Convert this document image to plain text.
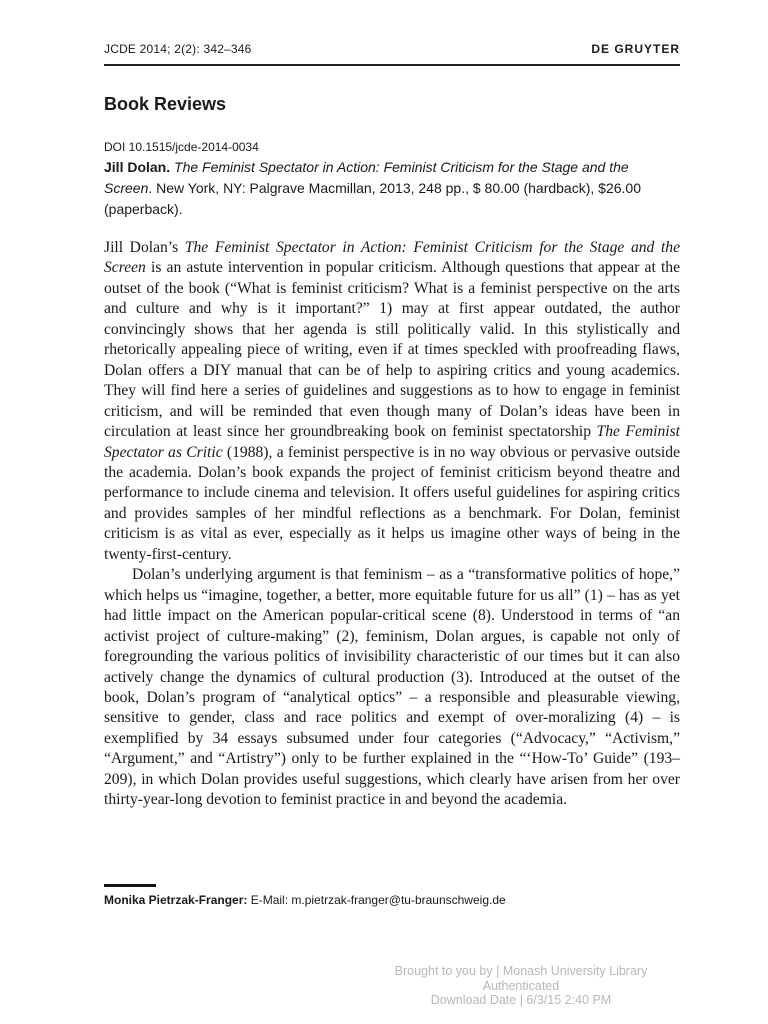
JCDE 2014; 2(2): 342–346	DE GRUYTER
Book Reviews
DOI 10.1515/jcde-2014-0034
Jill Dolan. The Feminist Spectator in Action: Feminist Criticism for the Stage and the Screen. New York, NY: Palgrave Macmillan, 2013, 248 pp., $ 80.00 (hardback), $26.00 (paperback).

Jill Dolan’s The Feminist Spectator in Action: Feminist Criticism for the Stage and the Screen is an astute intervention in popular criticism. Although questions that appear at the outset of the book (“What is feminist criticism? What is a feminist perspective on the arts and culture and why is it important?” 1) may at first appear outdated, the author convincingly shows that her agenda is still politically valid. In this stylistically and rhetorically appealing piece of writing, even if at times speckled with proofreading flaws, Dolan offers a DIY manual that can be of help to aspiring critics and young academics. They will find here a series of guidelines and suggestions as to how to engage in feminist criticism, and will be reminded that even though many of Dolan’s ideas have been in circulation at least since her groundbreaking book on feminist spectatorship The Feminist Spectator as Critic (1988), a feminist perspective is in no way obvious or pervasive outside the academia. Dolan’s book expands the project of feminist criticism beyond theatre and performance to include cinema and television. It offers useful guidelines for aspiring critics and provides samples of her mindful reflections as a benchmark. For Dolan, feminist criticism is as vital as ever, especially as it helps us imagine other ways of being in the twenty-first-century.

Dolan’s underlying argument is that feminism – as a “transformative politics of hope,” which helps us “imagine, together, a better, more equitable future for us all” (1) – has as yet had little impact on the American popular-critical scene (8). Understood in terms of “an activist project of culture-making” (2), feminism, Dolan argues, is capable not only of foregrounding the various politics of invisibility characteristic of our times but it can also actively change the dynamics of cultural production (3). Introduced at the outset of the book, Dolan’s program of “analytical optics” – a responsible and pleasurable viewing, sensitive to gender, class and race politics and exempt of over-moralizing (4) – is exemplified by 34 essays subsumed under four categories (“Advocacy,” “Activism,” “Argument,” and “Artistry”) only to be further explained in the “‘How-To’ Guide” (193–209), in which Dolan provides useful suggestions, which clearly have arisen from her over thirty-year-long devotion to feminist practice in and beyond the academia.

Monika Pietrzak-Franger: E-Mail: m.pietrzak-franger@tu-braunschweig.de
Brought to you by | Monash University Library
Authenticated
Download Date | 6/3/15 2:40 PM
